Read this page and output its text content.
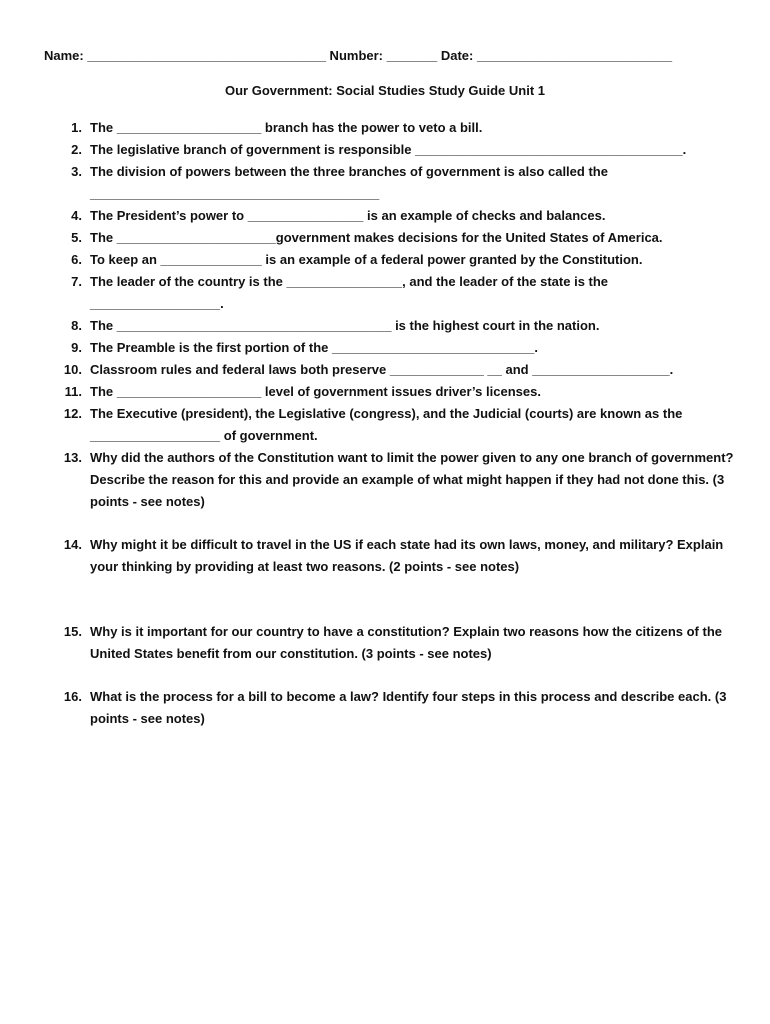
Name: _________________________________ Number: _______ Date: ___________________________
Our Government: Social Studies Study Guide Unit 1
1. The ____________________ branch has the power to veto a bill.
2. The legislative branch of government is responsible _____________________________________.
3. The division of powers between the three branches of government is also called the
________________________________________
4. The President’s power to ________________ is an example of checks and balances.
5. The ______________________government makes decisions for the United States of America.
6. To keep an ______________ is an example of a federal power granted by the Constitution.
7. The leader of the country is the ________________, and the leader of the state is the
__________________.
8. The ______________________________________ is the highest court in the nation.
9. The Preamble is the first portion of the ____________________________.
10. Classroom rules and federal laws both preserve _____________ __ and ___________________.
11. The ____________________ level of government issues driver’s licenses.
12. The Executive (president), the Legislative (congress), and the Judicial (courts) are known as the
__________________ of government.
13. Why did the authors of the Constitution want to limit the power given to any one branch of government? Describe the reason for this and provide an example of what might happen if they had not done this. (3 points - see notes)
14. Why might it be difficult to travel in the US if each state had its own laws, money, and military? Explain your thinking by providing at least two reasons. (2 points - see notes)
15. Why is it important for our country to have a constitution? Explain two reasons how the citizens of the United States benefit from our constitution. (3 points - see notes)
16. What is the process for a bill to become a law? Identify four steps in this process and describe each. (3 points - see notes)
